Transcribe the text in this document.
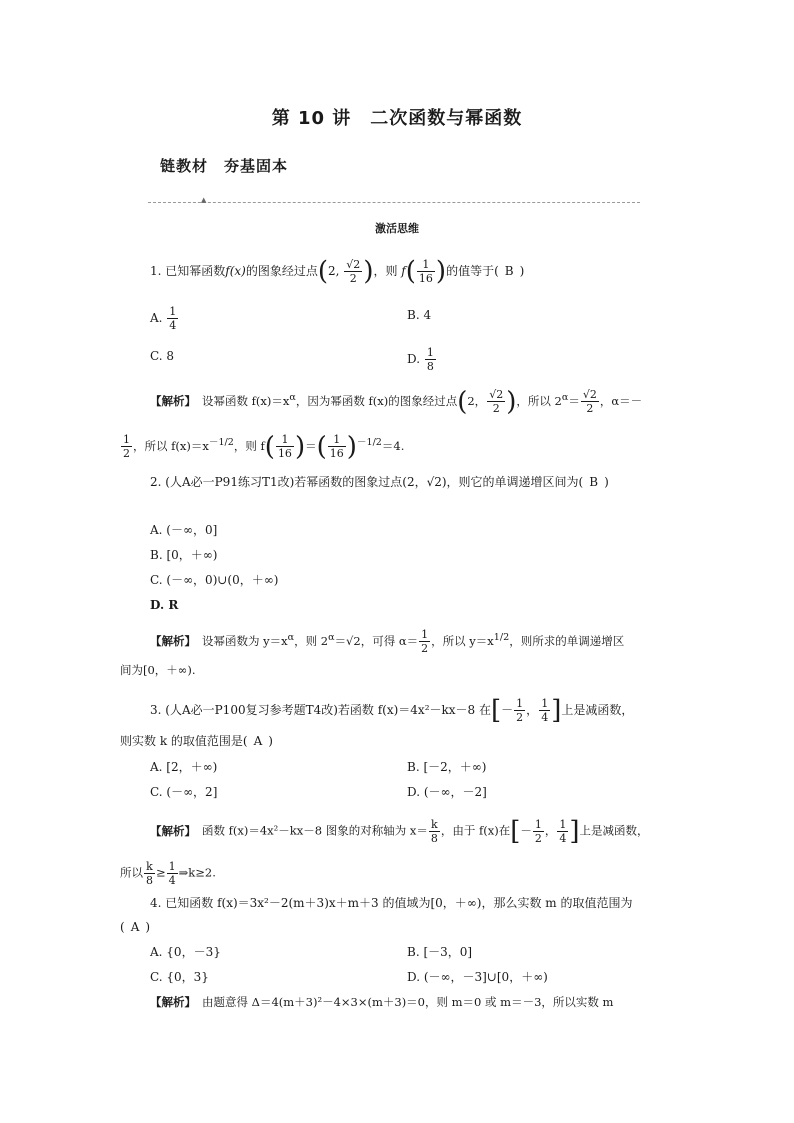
第 10 讲　二次函数与幂函数
链教材　夯基固本
▲
激活思维
1. 已知幂函数f(x)的图象经过点(2, $\frac{√2}{2}$ )，则 $f( \frac{1}{16}$ )的值等于( B )
A. $\frac{1}{4}$	B. 4
C. 8	D. $\frac{1}{8}$
【解析】 设幂函数 $f(x)=x^\alpha$，因为幂函数 f(x)的图象经过点(2， $\frac{√2}{2}$ )，所以 $2^\alpha= \frac{√2}{2}$ ，α＝－
$\frac{1}{2}$ ，所以 $f(x)=x^{-1/2}$，则 $f( \frac{1}{16}$ )＝( $\frac{1}{16} )^{-1/2}=4$.
2. (人A必一P91练习T1改)若幂函数的图象过点(2，√2)，则它的单调递增区间为( B )
A. (－∞，0]
B. [0，＋∞)
C. (－∞，0)∪(0，＋∞)
D. R
【解析】 设幂函数为 $y=x^\alpha$，则 $2^\alpha=√2$，可得 $\alpha= \frac{1}{2}$ ，所以 $y=x^{1/2}$，则所求的单调递增区
间为[0，＋∞).
3. (人A必一P100复习参考题T4改)若函数 f(x)＝4x²－kx－8 在[－ $\frac{1}{2}$ ， $\frac{1}{4}$ ]上是减函数，
则实数 k 的取值范围是( A )
A. [2，＋∞)	B. [－2，＋∞)
C. (－∞，2]	D. (－∞，－2]
【解析】 函数 f(x)＝4x²－kx－8 图象的对称轴为 $x= \frac{k}{8}$ ，由于 f(x)在[－ $\frac{1}{2}$ ， $\frac{1}{4}$ ]上是减函数，
所以 $\frac{k}{8} \ge \frac{1}{4}$ ⇒k≥2.
4. 已知函数 f(x)＝3x²－2(m＋3)x＋m＋3 的值域为[0，＋∞)，那么实数 m 的取值范围为
( A )
A. {0，－3}	B. [－3，0]
C. {0，3}	D. (－∞，－3]∪[0，＋∞)
【解析】 由题意得 Δ＝4(m＋3)²－4×3×(m＋3)＝0，则 m＝0 或 m＝－3，所以实数 m
